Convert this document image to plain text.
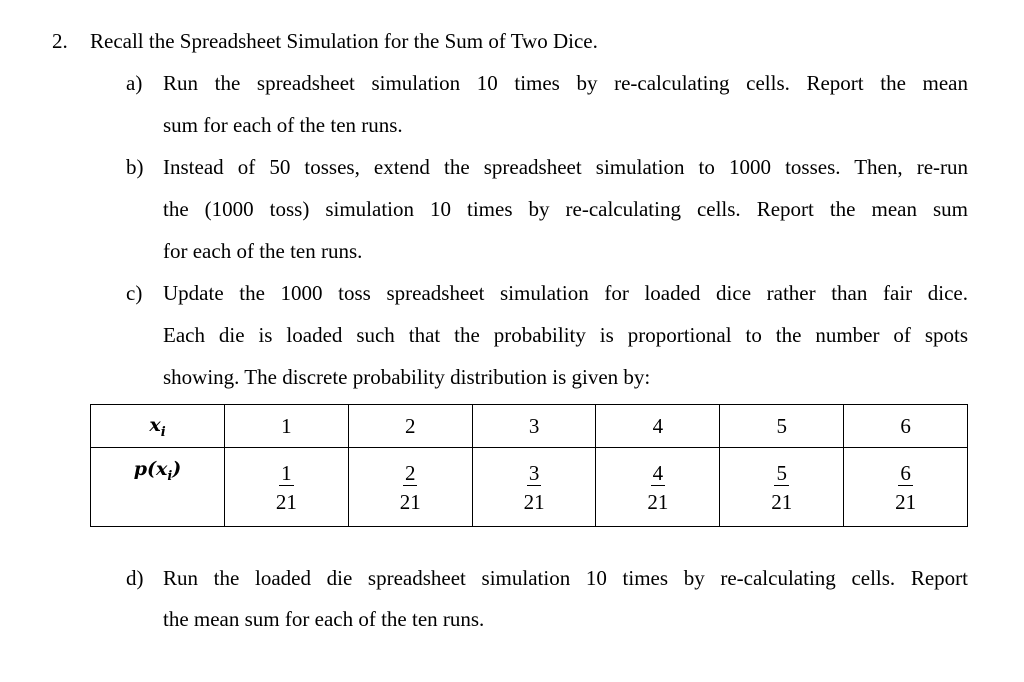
2. Recall the Spreadsheet Simulation for the Sum of Two Dice.
a) Run the spreadsheet simulation 10 times by re-calculating cells. Report the mean
sum for each of the ten runs.
b) Instead of 50 tosses, extend the spreadsheet simulation to 1000 tosses. Then, re-run
the (1000 toss) simulation 10 times by re-calculating cells. Report the mean sum
for each of the ten runs.
c) Update the 1000 toss spreadsheet simulation for loaded dice rather than fair dice.
Each die is loaded such that the probability is proportional to the number of spots
showing. The discrete probability distribution is given by:
$x_i$	1	2	3	4	5	6
$p(x_i)$	$\frac{1}{21}$	$\frac{2}{21}$	$\frac{3}{21}$	$\frac{4}{21}$	$\frac{5}{21}$	$\frac{6}{21}$
d) Run the loaded die spreadsheet simulation 10 times by re-calculating cells. Report
the mean sum for each of the ten runs.
